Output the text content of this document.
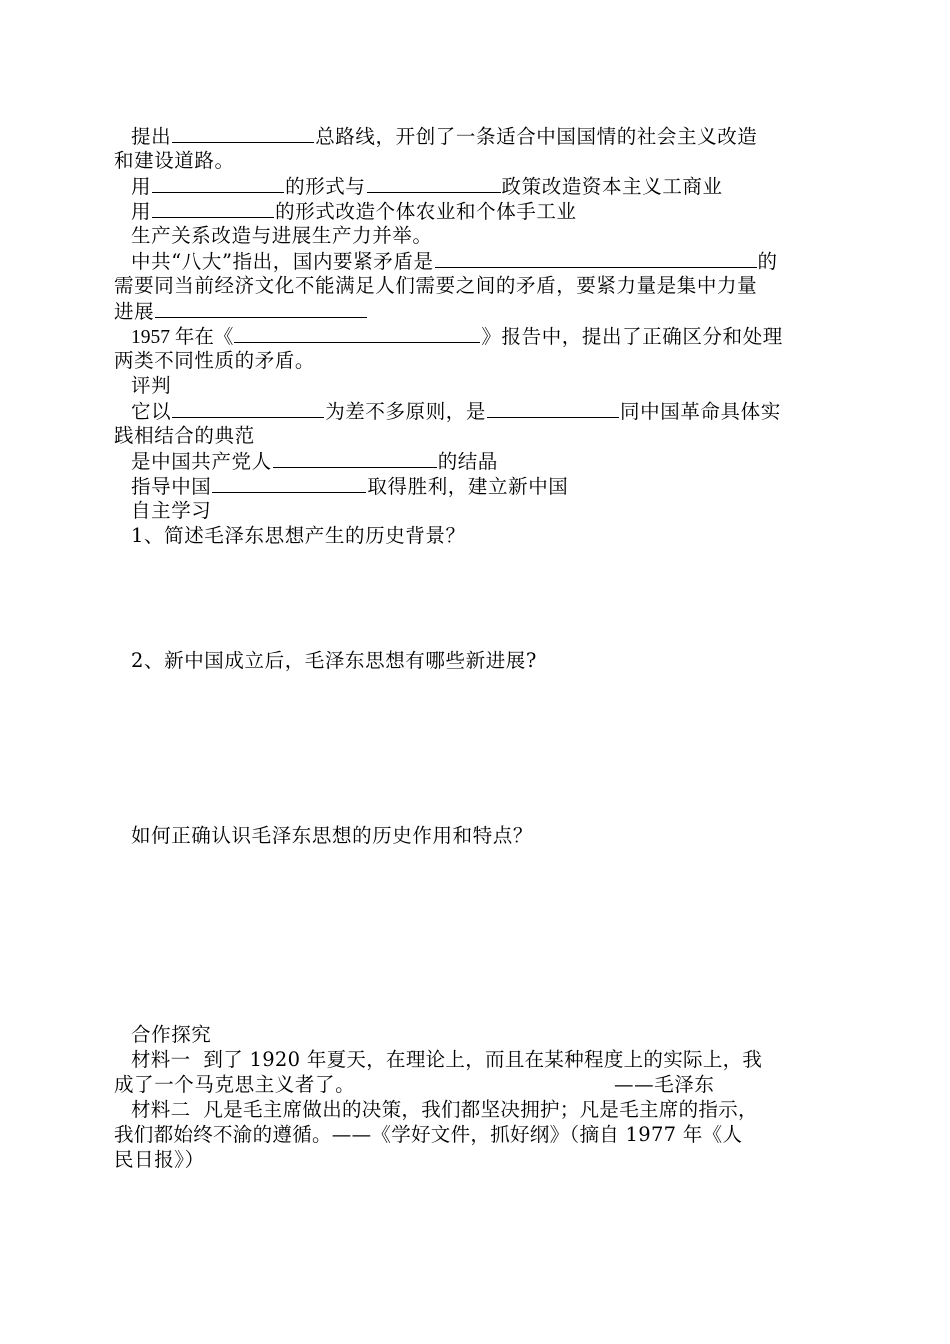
提出	总路线，开创了一条适合中国国情的社会主义改造
和建设道路。
用	的形式与	政策改造资本主义工商业
用	的形式改造个体农业和个体手工业
生产关系改造与进展生产力并举。
中共“八大”指出，国内要紧矛盾是	的
需要同当前经济文化不能满足人们需要之间的矛盾，要紧力量是集中力量
进展
1957 年在《	》报告中，提出了正确区分和处理
两类不同性质的矛盾。
评判
它以	为差不多原则，是	同中国革命具体实
践相结合的典范
是中国共产党人	的结晶
指导中国	取得胜利，建立新中国
自主学习
1、简述毛泽东思想产生的历史背景？
2、新中国成立后，毛泽东思想有哪些新进展?
如何正确认识毛泽东思想的历史作用和特点？
合作探究
材料一  到了 1920 年夏天，在理论上，而且在某种程度上的实际上，我
成了一个马克思主义者了。	——毛泽东
材料二  凡是毛主席做出的决策，我们都坚决拥护；凡是毛主席的指示，
我们都始终不渝的遵循。——《学好文件，抓好纲》（摘自 1977 年《人
民日报》）
